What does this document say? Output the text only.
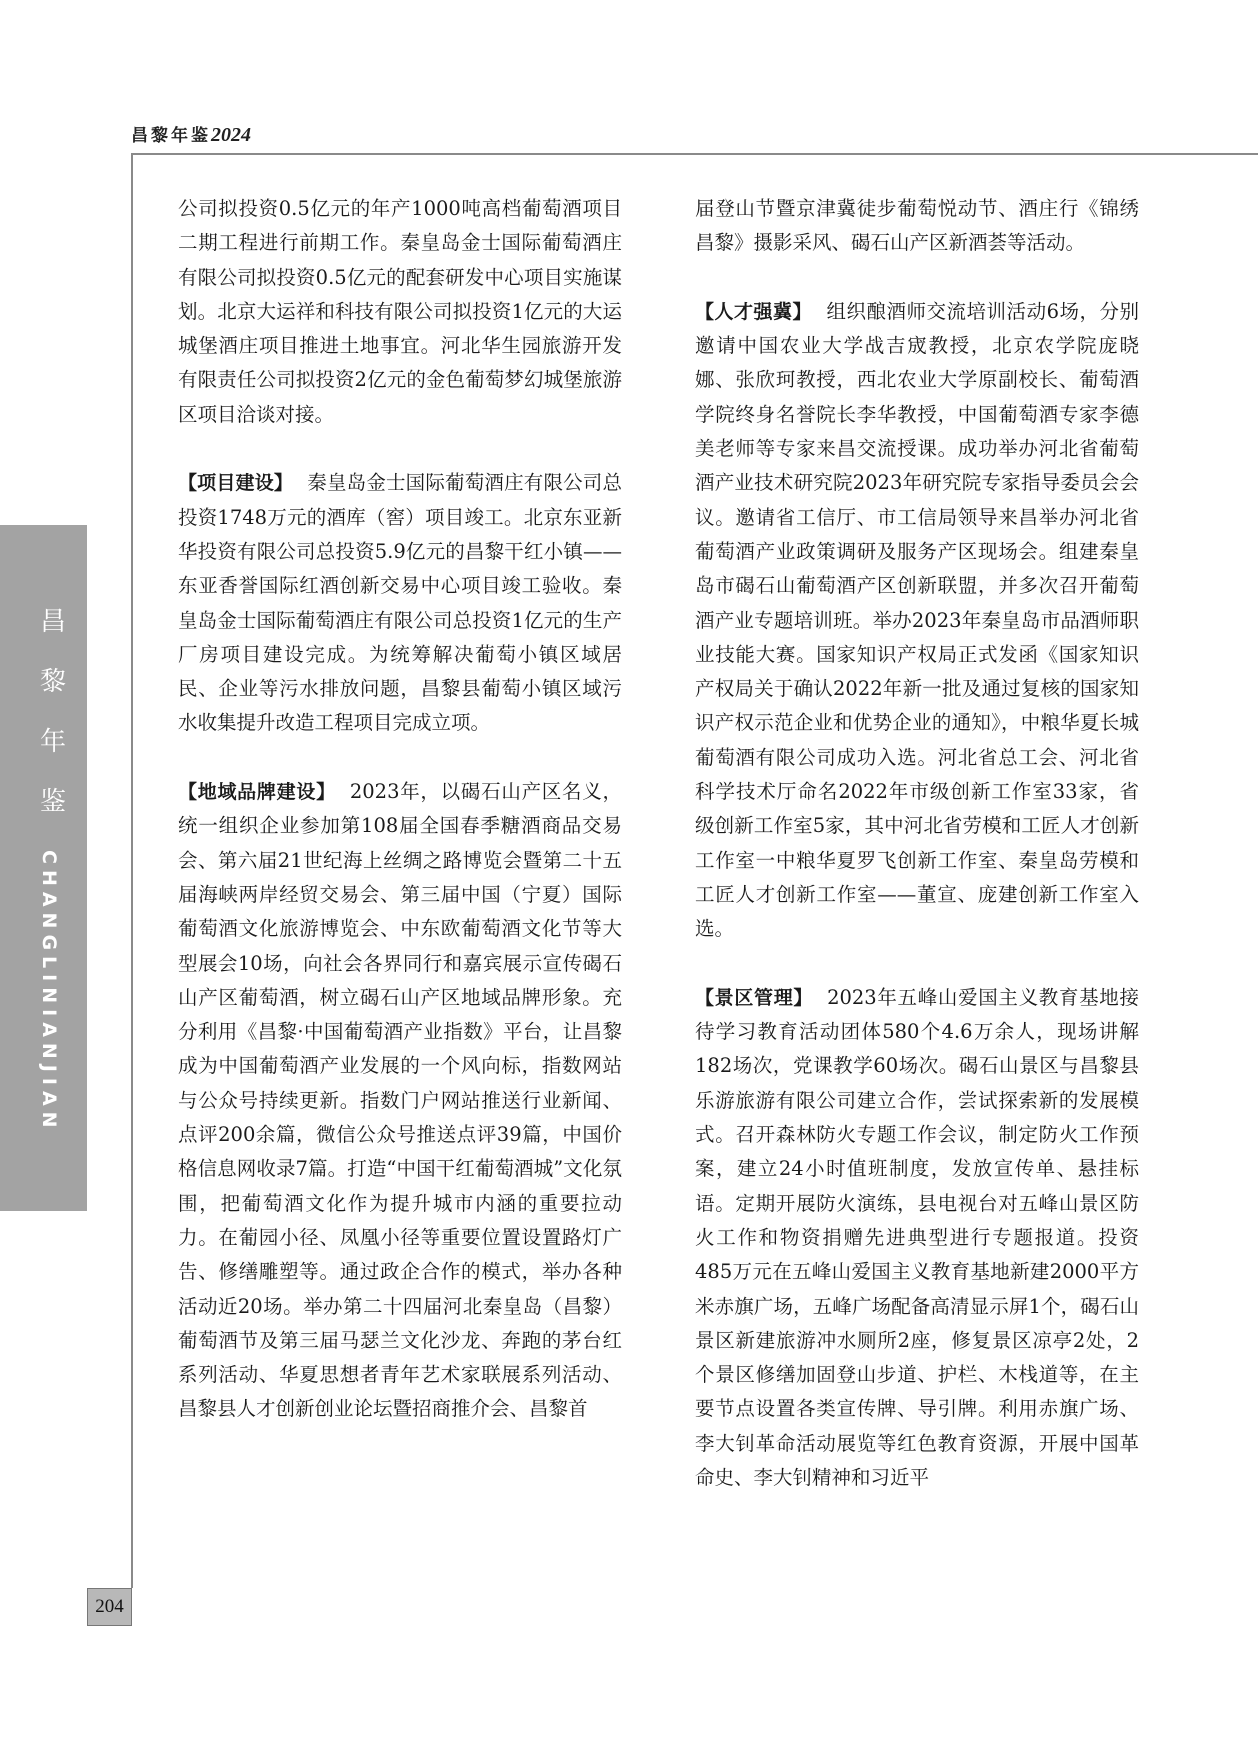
昌黎年鉴2024
昌
黎
年
鉴
CHANGLINIANJIAN
204

公司拟投资0.5亿元的年产1000吨高档葡萄酒项目二期工程进行前期工作。秦皇岛金士国际葡萄酒庄有限公司拟投资0.5亿元的配套研发中心项目实施谋划。北京大运祥和科技有限公司拟投资1亿元的大运城堡酒庄项目推进土地事宜。河北华生园旅游开发有限责任公司拟投资2亿元的金色葡萄梦幻城堡旅游区项目洽谈对接。

【项目建设】 秦皇岛金士国际葡萄酒庄有限公司总投资1748万元的酒库（窖）项目竣工。北京东亚新华投资有限公司总投资5.9亿元的昌黎干红小镇——东亚香誉国际红酒创新交易中心项目竣工验收。秦皇岛金士国际葡萄酒庄有限公司总投资1亿元的生产厂房项目建设完成。为统筹解决葡萄小镇区域居民、企业等污水排放问题，昌黎县葡萄小镇区域污水收集提升改造工程项目完成立项。

【地域品牌建设】 2023年，以碣石山产区名义，统一组织企业参加第108届全国春季糖酒商品交易会、第六届21世纪海上丝绸之路博览会暨第二十五届海峡两岸经贸交易会、第三届中国（宁夏）国际葡萄酒文化旅游博览会、中东欧葡萄酒文化节等大型展会10场，向社会各界同行和嘉宾展示宣传碣石山产区葡萄酒，树立碣石山产区地域品牌形象。充分利用《昌黎·中国葡萄酒产业指数》平台，让昌黎成为中国葡萄酒产业发展的一个风向标，指数网站与公众号持续更新。指数门户网站推送行业新闻、点评200余篇，微信公众号推送点评39篇，中国价格信息网收录7篇。打造“中国干红葡萄酒城”文化氛围，把葡萄酒文化作为提升城市内涵的重要拉动力。在葡园小径、凤凰小径等重要位置设置路灯广告、修缮雕塑等。通过政企合作的模式，举办各种活动近20场。举办第二十四届河北秦皇岛（昌黎）葡萄酒节及第三届马瑟兰文化沙龙、奔跑的茅台红系列活动、华夏思想者青年艺术家联展系列活动、昌黎县人才创新创业论坛暨招商推介会、昌黎首

届登山节暨京津冀徒步葡萄悦动节、酒庄行《锦绣昌黎》摄影采风、碣石山产区新酒荟等活动。

【人才强冀】 组织酿酒师交流培训活动6场，分别邀请中国农业大学战吉宬教授，北京农学院庞晓娜、张欣珂教授，西北农业大学原副校长、葡萄酒学院终身名誉院长李华教授，中国葡萄酒专家李德美老师等专家来昌交流授课。成功举办河北省葡萄酒产业技术研究院2023年研究院专家指导委员会会议。邀请省工信厅、市工信局领导来昌举办河北省葡萄酒产业政策调研及服务产区现场会。组建秦皇岛市碣石山葡萄酒产区创新联盟，并多次召开葡萄酒产业专题培训班。举办2023年秦皇岛市品酒师职业技能大赛。国家知识产权局正式发函《国家知识产权局关于确认2022年新一批及通过复核的国家知识产权示范企业和优势企业的通知》，中粮华夏长城葡萄酒有限公司成功入选。河北省总工会、河北省科学技术厅命名2022年市级创新工作室33家，省级创新工作室5家，其中河北省劳模和工匠人才创新工作室一中粮华夏罗飞创新工作室、秦皇岛劳模和工匠人才创新工作室——董宣、庞建创新工作室入选。

【景区管理】 2023年五峰山爱国主义教育基地接待学习教育活动团体580个4.6万余人，现场讲解182场次，党课教学60场次。碣石山景区与昌黎县乐游旅游有限公司建立合作，尝试探索新的发展模式。召开森林防火专题工作会议，制定防火工作预案，建立24小时值班制度，发放宣传单、悬挂标语。定期开展防火演练，县电视台对五峰山景区防火工作和物资捐赠先进典型进行专题报道。投资485万元在五峰山爱国主义教育基地新建2000平方米赤旗广场，五峰广场配备高清显示屏1个，碣石山景区新建旅游冲水厕所2座，修复景区凉亭2处，2个景区修缮加固登山步道、护栏、木栈道等，在主要节点设置各类宣传牌、导引牌。利用赤旗广场、李大钊革命活动展览等红色教育资源，开展中国革命史、李大钊精神和习近平
